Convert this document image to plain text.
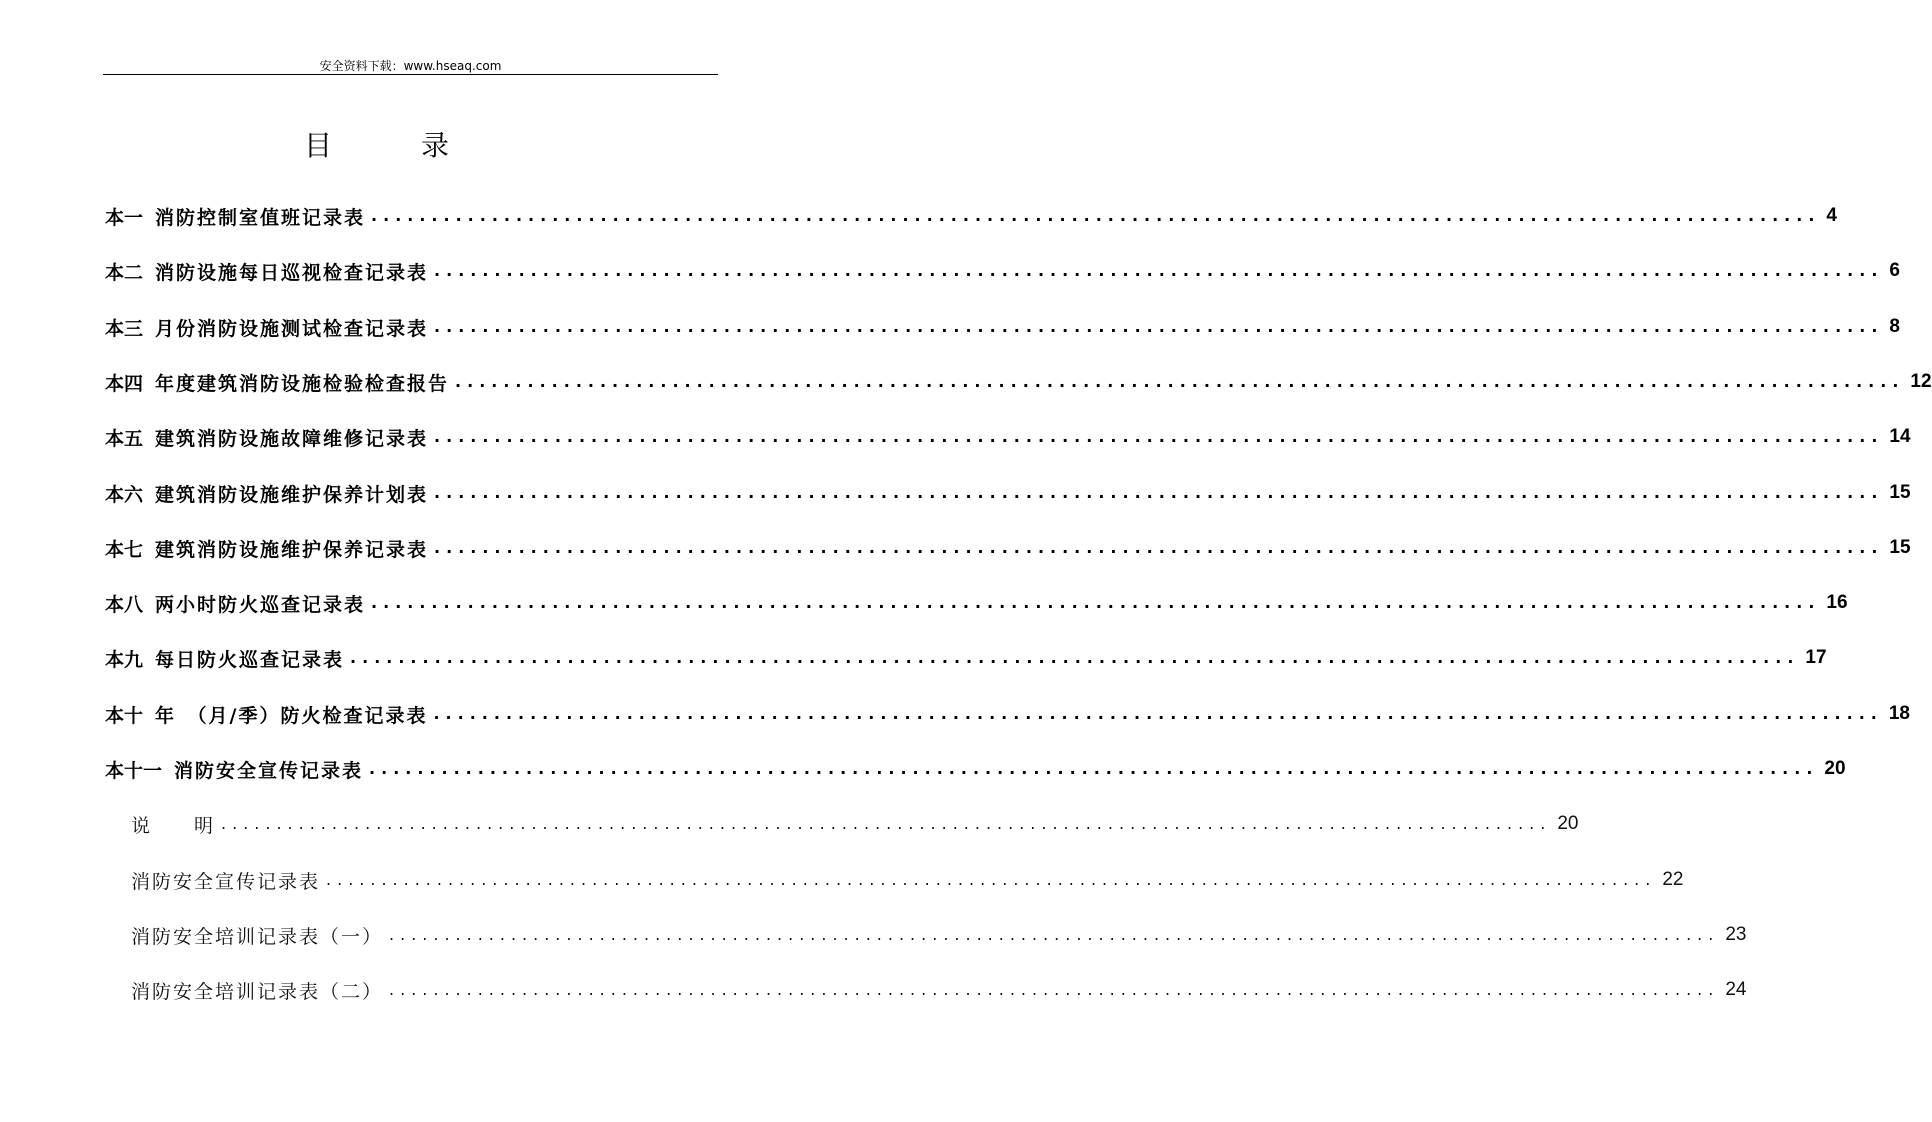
安全资料下载：www.hseaq.com
目 录
本一 消防控制室值班记录表 ........................................................................................................................ 4
本二 消防设施每日巡视检查记录表 ........................................................................................................................ 6
本三 月份消防设施测试检查记录表 ........................................................................................................................ 8
本四 年度建筑消防设施检验检查报告 ........................................................................................................................ 12
本五 建筑消防设施故障维修记录表 ........................................................................................................................ 14
本六 建筑消防设施维护保养计划表 ........................................................................................................................ 15
本七 建筑消防设施维护保养记录表 ........................................................................................................................ 15
本八 两小时防火巡查记录表 ........................................................................................................................ 16
本九 每日防火巡查记录表 ........................................................................................................................ 17
本十 年　（月/季）防火检查记录表 ........................................................................................................................ 18
本十一 消防安全宣传记录表 ........................................................................................................................ 20
说　　明 ........................................................................................................................ 20
消防安全宣传记录表 ........................................................................................................................ 22
消防安全培训记录表（一） ........................................................................................................................ 23
消防安全培训记录表（二） ........................................................................................................................ 24
